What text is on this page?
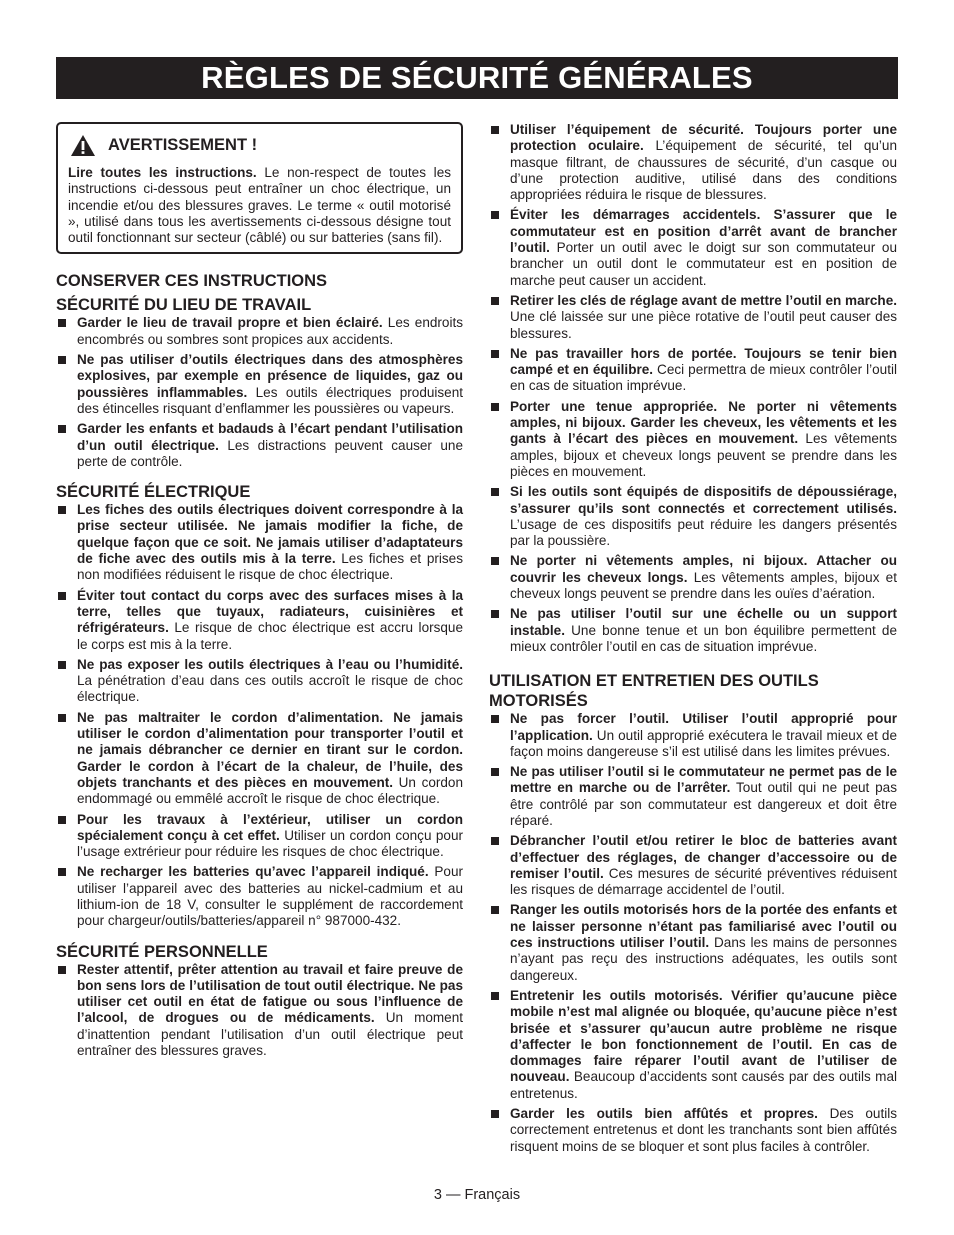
RÈGLES DE SÉCURITÉ GÉNÉRALES
AVERTISSEMENT !

Lire toutes les instructions. Le non-respect de toutes les instructions ci-dessous peut entraîner un choc électrique, un incendie et/ou des blessures graves. Le terme « outil motorisé », utilisé dans tous les avertissements ci-dessous désigne tout outil fonctionnant sur secteur (câblé) ou sur batteries (sans fil).

CONSERVER CES INSTRUCTIONS
SÉCURITÉ DU LIEU DE TRAVAIL
Garder le lieu de travail propre et bien éclairé. Les endroits encombrés ou sombres sont propices aux accidents.
Ne pas utiliser d’outils électriques dans des atmosphères explosives, par exemple en présence de liquides, gaz ou poussières inflammables. Les outils électriques produisent des étincelles risquant d’enflammer les poussières ou vapeurs.
Garder les enfants et badauds à l’écart pendant l’utilisation d’un outil électrique. Les distractions peuvent causer une perte de contrôle.
SÉCURITÉ ÉLECTRIQUE
Les fiches des outils électriques doivent correspondre à la prise secteur utilisée. Ne jamais modifier la fiche, de quelque façon que ce soit. Ne jamais utiliser d’adaptateurs de fiche avec des outils mis à la terre. Les fiches et prises non modifiées réduisent le risque de choc électrique.
Éviter tout contact du corps avec des surfaces mises à la terre, telles que tuyaux, radiateurs, cuisinières et réfrigérateurs. Le risque de choc électrique est accru lorsque le corps est mis à la terre.
Ne pas exposer les outils électriques à l’eau ou l’humidité. La pénétration d’eau dans ces outils accroît le risque de choc électrique.
Ne pas maltraiter le cordon d’alimentation. Ne jamais utiliser le cordon d’alimentation pour transporter l’outil et ne jamais débrancher ce dernier en tirant sur le cordon. Garder le cordon à l’écart de la chaleur, de l’huile, des objets tranchants et des pièces en mouvement. Un cordon endommagé ou emmêlé accroît le risque de choc électrique.
Pour les travaux à l’extérieur, utiliser un cordon spécialement conçu à cet effet. Utiliser un cordon conçu pour l’usage extrérieur pour réduire les risques de choc électrique.
Ne recharger les batteries qu’avec l’appareil indiqué. Pour utiliser l’appareil avec des batteries au nickel-cadmium et au lithium-ion de 18 V, consulter le supplément de raccordement pour chargeur/outils/batteries/appareil n° 987000-432.
SÉCURITÉ PERSONNELLE
Rester attentif, prêter attention au travail et faire preuve de bon sens lors de l’utilisation de tout outil électrique. Ne pas utiliser cet outil en état de fatigue ou sous l’influence de l’alcool, de drogues ou de médicaments. Un moment d’inattention pendant l’utilisation d’un outil électrique peut entraîner des blessures graves.
Utiliser l’équipement de sécurité. Toujours porter une protection oculaire. L’équipement de sécurité, tel qu’un masque filtrant, de chaussures de sécurité, d’un casque ou d’une protection auditive, utilisé dans des conditions appropriées réduira le risque de blessures.
Éviter les démarrages accidentels. S’assurer que le commutateur est en position d’arrêt avant de brancher l’outil. Porter un outil avec le doigt sur son commutateur ou brancher un outil dont le commutateur est en position de marche peut causer un accident.
Retirer les clés de réglage avant de mettre l’outil en marche. Une clé laissée sur une pièce rotative de l’outil peut causer des blessures.
Ne pas travailler hors de portée. Toujours se tenir bien campé et en équilibre. Ceci permettra de mieux contrôler l’outil en cas de situation imprévue.
Porter une tenue appropriée. Ne porter ni vêtements amples, ni bijoux. Garder les cheveux, les vêtements et les gants à l’écart des pièces en mouvement. Les vêtements amples, bijoux et cheveux longs peuvent se prendre dans les pièces en mouvement.
Si les outils sont équipés de dispositifs de dépoussiérage, s’assurer qu’ils sont connectés et correctement utilisés. L’usage de ces dispositifs peut réduire les dangers présentés par la poussière.
Ne porter ni vêtements amples, ni bijoux. Attacher ou couvrir les cheveux longs. Les vêtements amples, bijoux et cheveux longs peuvent se prendre dans les ouïes d’aération.
Ne pas utiliser l’outil sur une échelle ou un support instable. Une bonne tenue et un bon équilibre permettent de mieux contrôler l’outil en cas de situation imprévue.
UTILISATION ET ENTRETIEN DES OUTILS MOTORISÉS
Ne pas forcer l’outil. Utiliser l’outil approprié pour l’application. Un outil approprié exécutera le travail mieux et de façon moins dangereuse s’il est utilisé dans les limites prévues.
Ne pas utiliser l’outil si le commutateur ne permet pas de le mettre en marche ou de l’arrêter. Tout outil qui ne peut pas être contrôlé par son commutateur est dangereux et doit être réparé.
Débrancher l’outil et/ou retirer le bloc de batteries avant d’effectuer des réglages, de changer d’accessoire ou de remiser l’outil. Ces mesures de sécurité préventives réduisent les risques de démarrage accidentel de l’outil.
Ranger les outils motorisés hors de la portée des enfants et ne laisser personne n’étant pas familiarisé avec l’outil ou ces instructions utiliser l’outil. Dans les mains de personnes n’ayant pas reçu des instructions adéquates, les outils sont dangereux.
Entretenir les outils motorisés. Vérifier qu’aucune pièce mobile n’est mal alignée ou bloquée, qu’aucune pièce n’est brisée et s’assurer qu’aucun autre problème ne risque d’affecter le bon fonctionnement de l’outil. En cas de dommages faire réparer l’outil avant de l’utiliser de nouveau. Beaucoup d’accidents sont causés par des outils mal entretenus.
Garder les outils bien affûtés et propres. Des outils correctement entretenus et dont les tranchants sont bien affûtés risquent moins de se bloquer et sont plus faciles à contrôler.
3 — Français
